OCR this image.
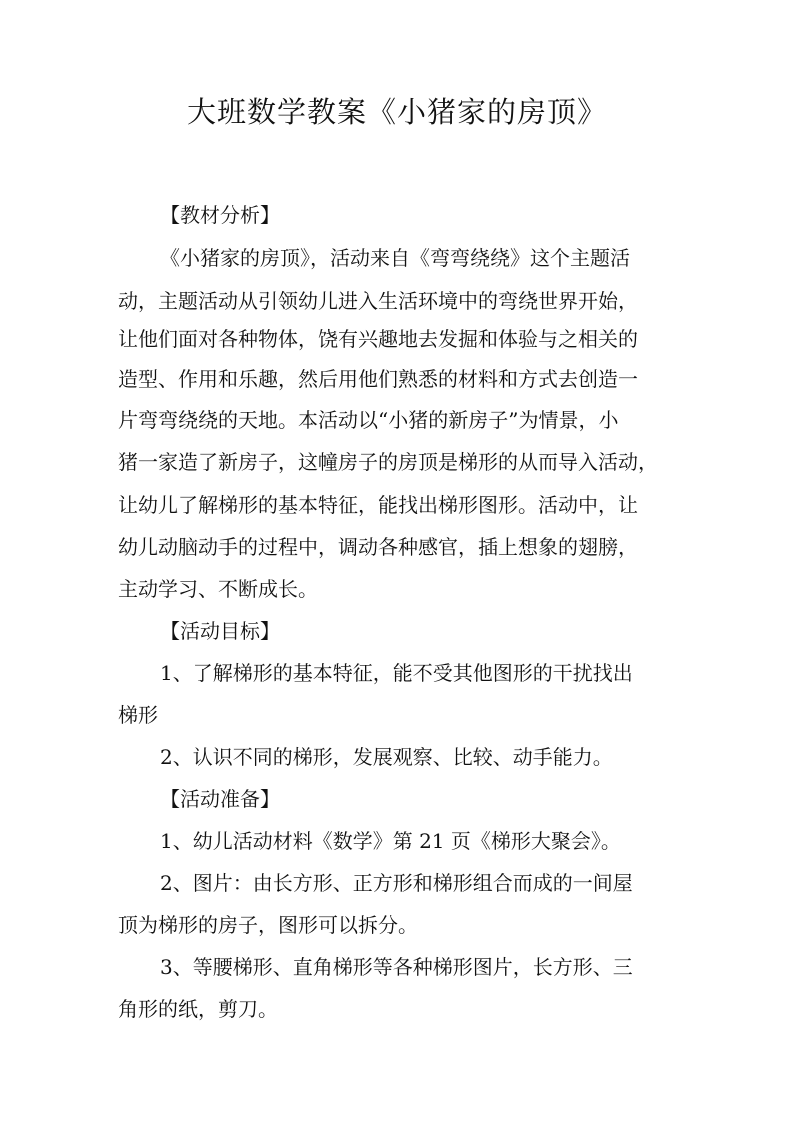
大班数学教案《小猪家的房顶》

【教材分析】

《小猪家的房顶》，活动来自《弯弯绕绕》这个主题活

动，主题活动从引领幼儿进入生活环境中的弯绕世界开始，

让他们面对各种物体，饶有兴趣地去发掘和体验与之相关的

造型、作用和乐趣，然后用他们熟悉的材料和方式去创造一

片弯弯绕绕的天地。本活动以“小猪的新房子”为情景，小

猪一家造了新房子，这幢房子的房顶是梯形的从而导入活动，

让幼儿了解梯形的基本特征，能找出梯形图形。活动中，让

幼儿动脑动手的过程中，调动各种感官，插上想象的翅膀，

主动学习、不断成长。

【活动目标】

1、了解梯形的基本特征，能不受其他图形的干扰找出

梯形

2、认识不同的梯形，发展观察、比较、动手能力。

【活动准备】

1、幼儿活动材料《数学》第 21 页《梯形大聚会》。

2、图片：由长方形、正方形和梯形组合而成的一间屋

顶为梯形的房子，图形可以拆分。

3、等腰梯形、直角梯形等各种梯形图片，长方形、三

角形的纸，剪刀。
